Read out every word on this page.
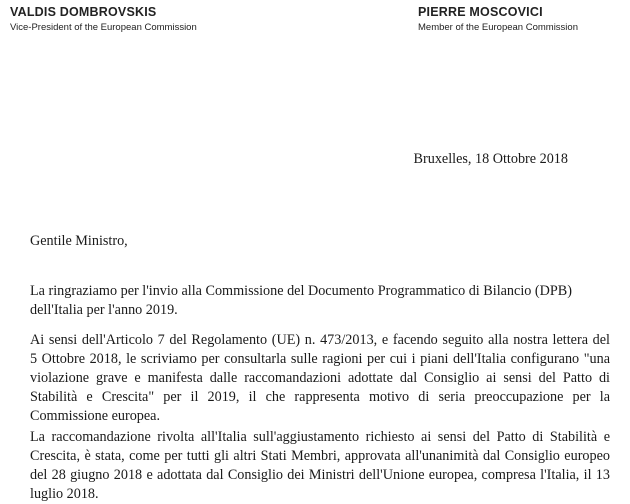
VALDIS DOMBROVSKIS
Vice-President of the European Commission
PIERRE MOSCOVICI
Member of the European Commission
Bruxelles, 18 Ottobre 2018

Gentile Ministro,

La ringraziamo per l'invio alla Commissione del Documento Programmatico di Bilancio (DPB)
dell'Italia per l'anno 2019.

Ai sensi dell'Articolo 7 del Regolamento (UE) n. 473/2013, e facendo seguito alla nostra lettera del
5 Ottobre 2018, le scriviamo per consultarla sulle ragioni per cui i piani dell'Italia configurano "una
violazione grave e manifesta dalle raccomandazioni adottate dal Consiglio ai sensi del Patto di
Stabilità e Crescita" per il 2019, il che rappresenta motivo di seria preoccupazione per la
Commissione europea.

La raccomandazione rivolta all'Italia sull'aggiustamento richiesto ai sensi del Patto di Stabilità e
Crescita, è stata, come per tutti gli altri Stati Membri, approvata all'unanimità dal Consiglio europeo
del 28 giugno 2018 e adottata dal Consiglio dei Ministri dell'Unione europea, compresa l'Italia, il 13
luglio 2018.
